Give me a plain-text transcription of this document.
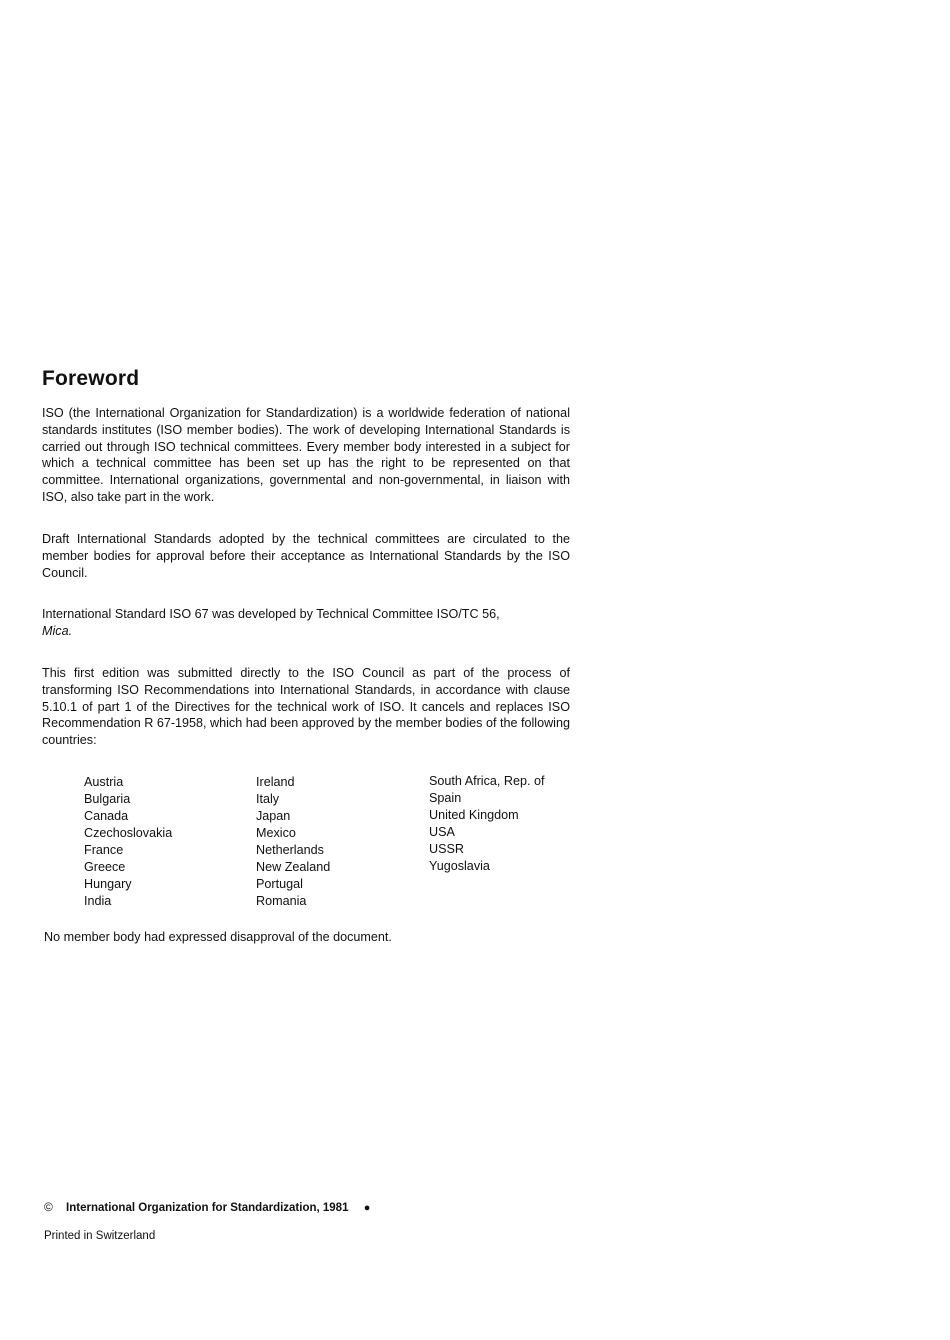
Foreword

ISO (the International Organization for Standardization) is a worldwide federation of national standards institutes (ISO member bodies). The work of developing International Standards is carried out through ISO technical committees. Every member body interested in a subject for which a technical committee has been set up has the right to be represented on that committee. International organizations, governmental and non-governmental, in liaison with ISO, also take part in the work.

Draft International Standards adopted by the technical committees are circulated to the member bodies for approval before their acceptance as International Standards by the ISO Council.

International Standard ISO 67 was developed by Technical Committee ISO/TC 56,
Mica.

This first edition was submitted directly to the ISO Council as part of the process of transforming ISO Recommendations into International Standards, in accordance with clause 5.10.1 of part 1 of the Directives for the technical work of ISO. It cancels and replaces ISO Recommendation R 67-1958, which had been approved by the member bodies of the following countries:

Austria
Bulgaria
Canada
Czechoslovakia
France
Greece
Hungary
India
Ireland
Italy
Japan
Mexico
Netherlands
New Zealand
Portugal
Romania
South Africa, Rep. of
Spain
United Kingdom
USA
USSR
Yugoslavia

No member body had expressed disapproval of the document.

© International Organization for Standardization, 1981 ●
Printed in Switzerland
